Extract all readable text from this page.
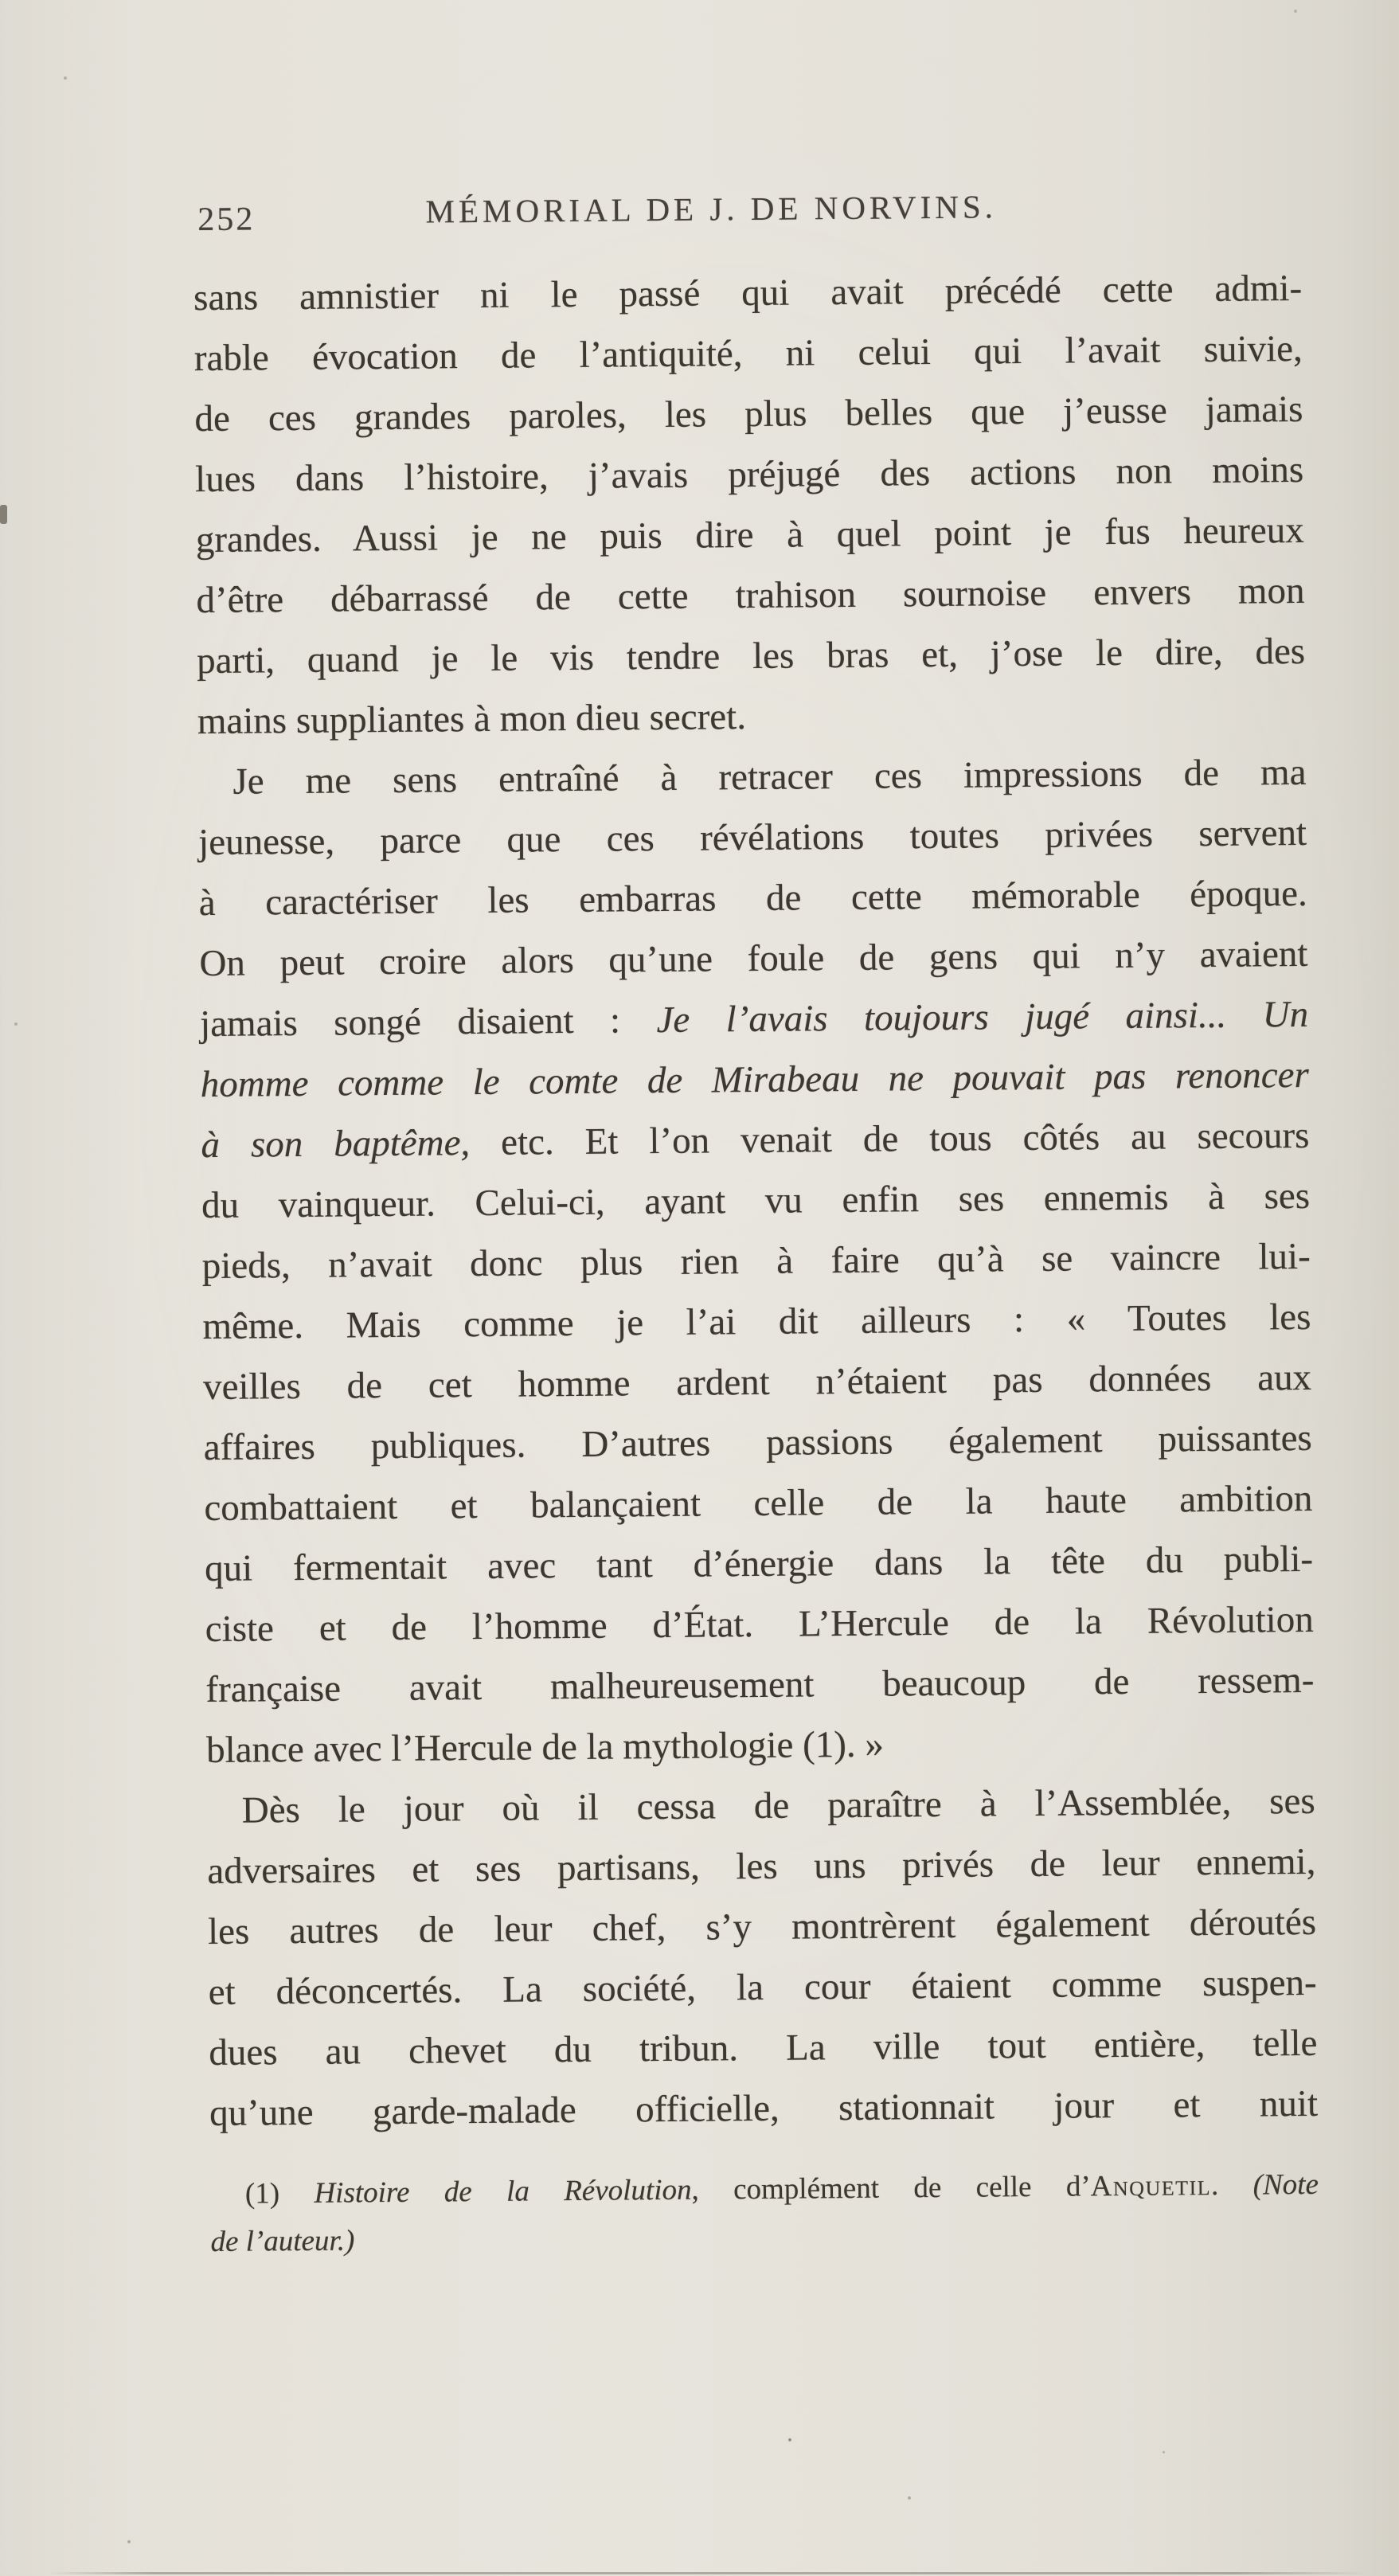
252	MÉMORIAL DE J. DE NORVINS.
sans amnistier ni le passé qui avait précédé cette admi-
rable évocation de l’antiquité, ni celui qui l’avait suivie,
de ces grandes paroles, les plus belles que j’eusse jamais
lues dans l’histoire, j’avais préjugé des actions non moins
grandes. Aussi je ne puis dire à quel point je fus heureux
d’être débarrassé de cette trahison sournoise envers mon
parti, quand je le vis tendre les bras et, j’ose le dire, des
mains suppliantes à mon dieu secret.
Je me sens entraîné à retracer ces impressions de ma
jeunesse, parce que ces révélations toutes privées servent
à caractériser les embarras de cette mémorable époque.
On peut croire alors qu’une foule de gens qui n’y avaient
jamais songé disaient : Je l’avais toujours jugé ainsi... Un
homme comme le comte de Mirabeau ne pouvait pas renoncer
à son baptême, etc. Et l’on venait de tous côtés au secours
du vainqueur. Celui-ci, ayant vu enfin ses ennemis à ses
pieds, n’avait donc plus rien à faire qu’à se vaincre lui-
même. Mais comme je l’ai dit ailleurs : « Toutes les
veilles de cet homme ardent n’étaient pas données aux
affaires publiques. D’autres passions également puissantes
combattaient et balançaient celle de la haute ambition
qui fermentait avec tant d’énergie dans la tête du publi-
ciste et de l’homme d’État. L’Hercule de la Révolution
française avait malheureusement beaucoup de ressem-
blance avec l’Hercule de la mythologie (1). »
Dès le jour où il cessa de paraître à l’Assemblée, ses
adversaires et ses partisans, les uns privés de leur ennemi,
les autres de leur chef, s’y montrèrent également déroutés
et déconcertés. La société, la cour étaient comme suspen-
dues au chevet du tribun. La ville tout entière, telle
qu’une garde-malade officielle, stationnait jour et nuit
(1) Histoire de la Révolution, complément de celle d’Anquetil. (Note
de l’auteur.)
